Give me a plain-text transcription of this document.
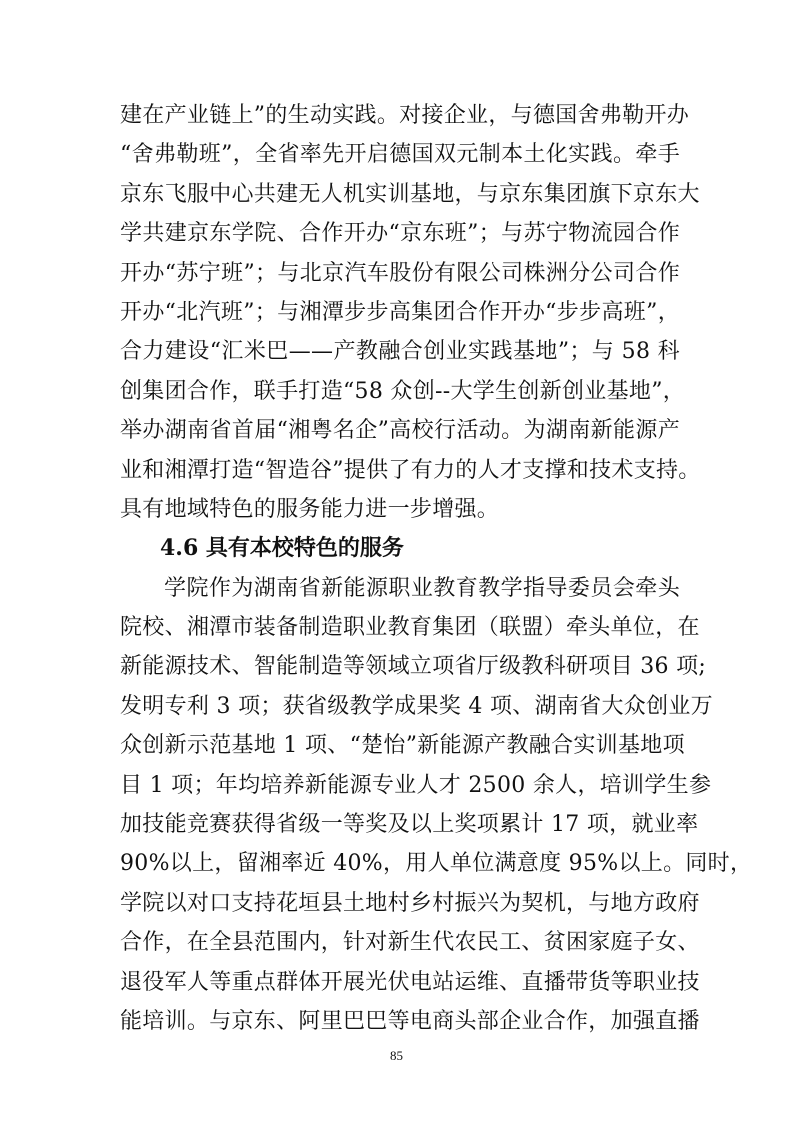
建在产业链上”的生动实践。对接企业，与德国舍弗勒开办
“舍弗勒班”，全省率先开启德国双元制本土化实践。牵手
京东飞服中心共建无人机实训基地，与京东集团旗下京东大
学共建京东学院、合作开办“京东班”；与苏宁物流园合作
开办“苏宁班”；与北京汽车股份有限公司株洲分公司合作
开办“北汽班”；与湘潭步步高集团合作开办“步步高班”，
合力建设“汇米巴——产教融合创业实践基地”；与 58 科
创集团合作，联手打造“58 众创--大学生创新创业基地”，
举办湖南省首届“湘粤名企”高校行活动。为湖南新能源产
业和湘潭打造“智造谷”提供了有力的人才支撑和技术支持。
具有地域特色的服务能力进一步增强。
4.6 具有本校特色的服务
学院作为湖南省新能源职业教育教学指导委员会牵头
院校、湘潭市装备制造职业教育集团（联盟）牵头单位，在
新能源技术、智能制造等领域立项省厅级教科研项目 36 项;
发明专利 3 项；获省级教学成果奖 4 项、湖南省大众创业万
众创新示范基地 1 项、“楚怡”新能源产教融合实训基地项
目 1 项；年均培养新能源专业人才 2500 余人，培训学生参
加技能竞赛获得省级一等奖及以上奖项累计 17 项，就业率
90%以上，留湘率近 40%，用人单位满意度 95%以上。同时，
学院以对口支持花垣县土地村乡村振兴为契机，与地方政府
合作，在全县范围内，针对新生代农民工、贫困家庭子女、
退役军人等重点群体开展光伏电站运维、直播带货等职业技
能培训。与京东、阿里巴巴等电商头部企业合作，加强直播
85
